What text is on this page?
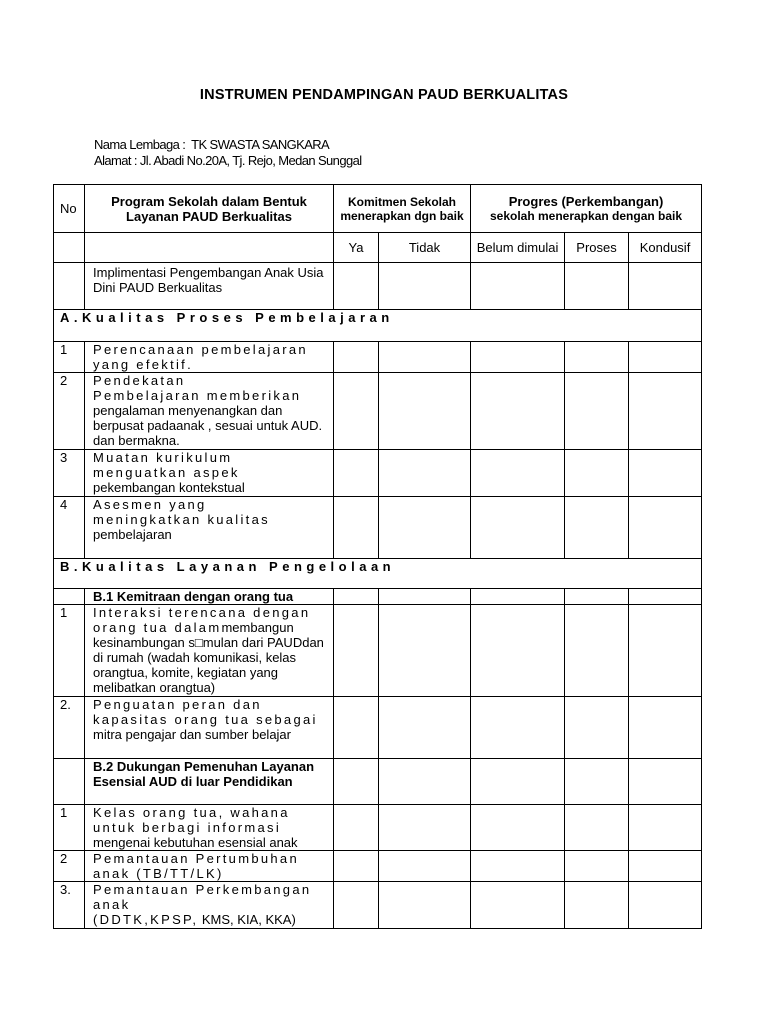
INSTRUMEN PENDAMPINGAN PAUD BERKUALITAS
Nama Lembaga : TK SWASTA SANGKARA
Alamat : Jl. Abadi No.20A, Tj. Rejo, Medan Sunggal
No	Program Sekolah dalam Bentuk Layanan PAUD Berkualitas	Komitmen Sekolah menerapkan dgn baik		Progres (Perkembangan)
sekolah menerapkan dengan baik		

		Ya	Tidak	Belum dimulai	Proses	Kondusif
	Implimentasi Pengembangan Anak Usia Dini PAUD Berkualitas					
A.Kualitas Proses Pembelajaran						
1	Perencanaan pembelajaran
yang efektif.					

2	Pendekatan
Pembelajaran memberikan
pengalaman menyenangkan dan berpusat padaanak , sesuai untuk AUD. dan bermakna.					

3	Muatan kurikulum
menguatkan aspek
pekembangan kontekstual					

4	Asesmen yang
meningkatkan kualitas
pembelajaran					

B.Kualitas Layanan Pengelolaan						
	B.1 Kemitraan dengan orang tua					
1	Interaksi terencana dengan
orang tua dalammembangun
kesinambungan s□mulan dari PAUDdan di rumah (wadah komunikasi, kelas orangtua, komite, kegiatan yang melibatkan orangtua)					

2.	Penguatan peran dan
kapasitas orang tua sebagai
mitra pengajar dan sumber belajar					

	B.2 Dukungan Pemenuhan Layanan Esensial AUD di luar Pendidikan					
1	Kelas orang tua, wahana
untuk berbagi informasi
mengenai kebutuhan esensial anak					

2	Pemantauan Pertumbuhan
anak (TB/TT/LK)					

3.	Pemantauan Perkembangan
anak
(DDTK,KPSP, KMS, KIA, KKA)					
